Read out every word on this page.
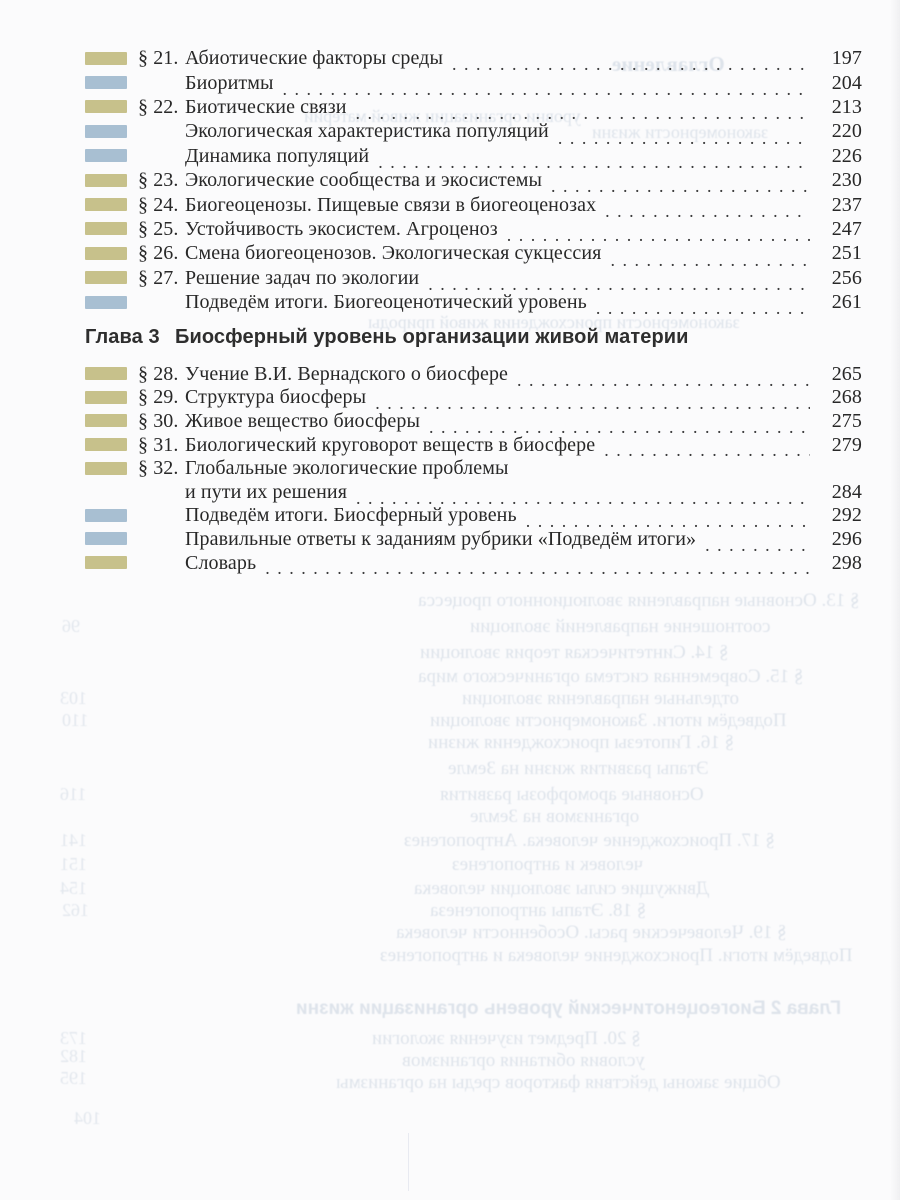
Оглавление
уровни организации живой материи
закономерности жизни
закономерности происхождения живой природы
§ 13. Основные направления эволюционного процесса
соотношение направлений эволюции
§ 14. Синтетическая теория эволюции
§ 15. Современная система органического мира
отдельные направления эволюции
Подведём итоги. Закономерности эволюции
§ 16. Гипотезы происхождения жизни
Этапы развития жизни на Земле
Основные ароморфозы развития
организмов на Земле
§ 17. Происхождение человека. Антропогенез
человек и антропогенез
Движущие силы эволюции человека
§ 18. Этапы антропогенеза
§ 19. Человеческие расы. Особенности человека
Подведём итоги. Происхождение человека и антропогенез
Глава 2 Биогеоценотический уровень организации жизни
§ 20. Предмет изучения экологии
условия обитания организмов
Общие законы действия факторов среды на организмы
96
103
110
116
141
151
154
162
173
182
195
104
§ 21. Абиотические факторы среды . . .	197
Биоритмы . . .	204
§ 22. Биотические связи . . .	213
Экологическая характеристика популяций . . .	220
Динамика популяций . . .	226
§ 23. Экологические сообщества и экосистемы . . .	230
§ 24. Биогеоценозы. Пищевые связи в биогеоценозах . . .	237
§ 25. Устойчивость экосистем. Агроценоз . . .	247
§ 26. Смена биогеоценозов. Экологическая сукцессия . . .	251
§ 27. Решение задач по экологии . . .	256
Подведём итоги. Биогеоценотический уровень . . .	261
Глава 3 Биосферный уровень организации живой материи
§ 28. Учение В.И. Вернадского о биосфере . . .	265
§ 29. Структура биосферы . . .	268
§ 30. Живое вещество биосферы . . .	275
§ 31. Биологический круговорот веществ в биосфере . . .	279
§ 32. Глобальные экологические проблемы
и пути их решения . . .	284
Подведём итоги. Биосферный уровень . . .	292
Правильные ответы к заданиям рубрики «Подведём итоги» . . .	296
Словарь . . .	298
